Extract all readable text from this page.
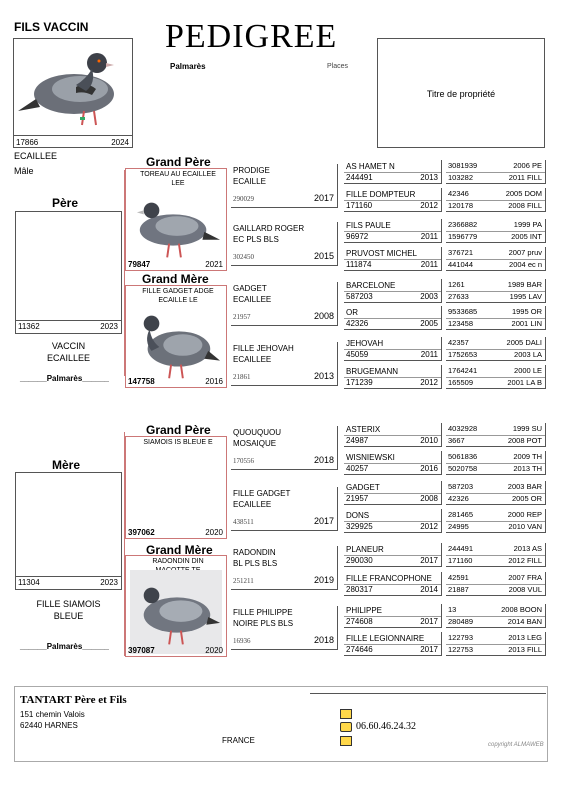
FILS VACCIN PEDIGREE
Palmarès	Places
17866	2024
ECAILLEE
Mâle
Titre de propriété
Père
11362	2023
VACCIN
ECAILLEE
______Palmarès______
Mère
11304	2023
FILLE SIAMOIS
BLEUE
______Palmarès______
Grand Père
TOREAU AU ECAILLEE LEE
79847	2021
Grand Mère
FILLE GADGET ADGE ECAILLE LE
147758	2016
Grand Père
SIAMOIS IS BLEUE E
397062	2020
Grand Mère
RADONDIN DIN
397087	2020
PRODIGE
ECAILLE
290029	2017
GAILLARD ROGER
EC PLS BLS
302450	2015
GADGET
ECAILLEE
21957	2008
FILLE JEHOVAH
ECAILLEE
21861	2013
QUOUQUOU
MOSAIQUE
170556	2018
FILLE GADGET
ECAILLEE
438511	2017
RADONDIN
BL PLS BLS
251211	2019
FILLE PHILIPPE
NOIRE PLS BLS
16936	2018
AS HAMET N
244491	2013
FILLE DOMPTEUR
171160	2012
FILS PAULE
96972	2011
PRUVOST MICHEL
111874	2011
BARCELONE
587203	2003
OR
42326	2005
JEHOVAH
45059	2011
BRUGEMANN
171239	2012
ASTERIX
24987	2010
WISNIEWSKI
40257	2016
GADGET
21957	2008
DONS
329925	2012
PLANEUR
290030	2017
FILLE FRANCOPHONE
280317	2014
PHILIPPE
274608	2017
FILLE LEGIONNAIRE
274646	2017
3081939	2006 PE
103282	2011 FILL
42346	2005 DOM
120178	2008 FILL
2366882	1999 PA
1596779	2005 INT
376721	2007 pruv
441044	2004 ec n
1261	1989 BAR
27633	1995 LAV
9533685	1995 OR
123458	2001 LIN
42357	2005 DALI
1752653	2003 LA
1764241	2000 LE
165509	2001 LA B
4032928	1999 SU
3667	2008 POT
5061836	2009 TH
5020758	2013 TH
587203	2003 BAR
42326	2005 OR
281465	2000 REP
24995	2010 VAN
244491	2013 AS
171160	2012 FILL
42591	2007 FRA
21887	2008 VUL
13	2008 BOON
280489	2014 BAN
122793	2013 LEG
122753	2013 FILL
TANTART Père et Fils
151 chemin Valois
62440 HARNES
FRANCE
06.60.46.24.32
copyright ALMAWEB
